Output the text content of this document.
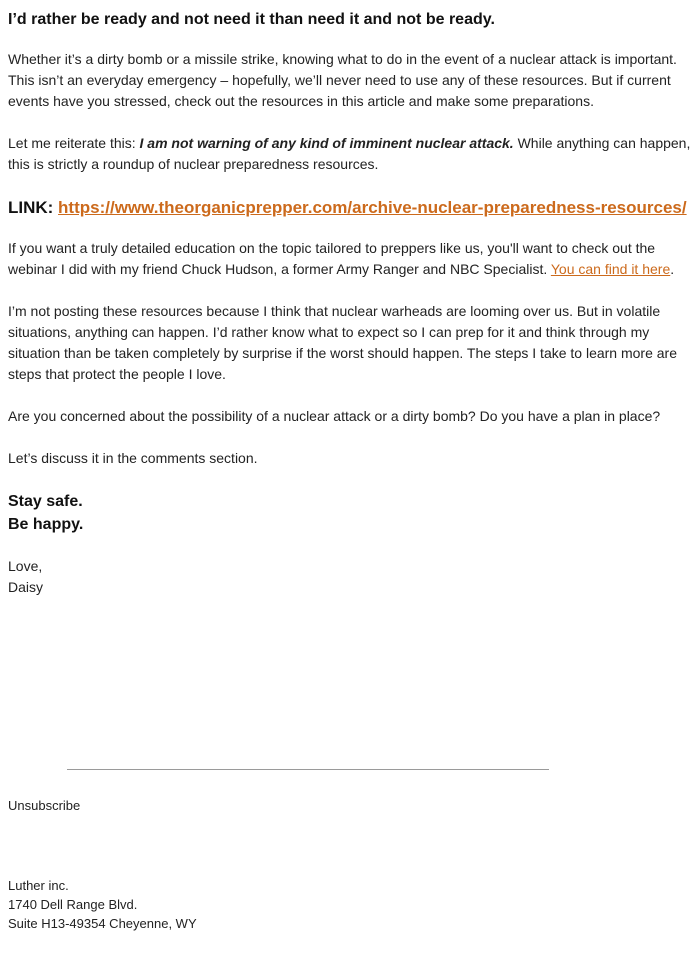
I’d rather be ready and not need it than need it and not be ready.

Whether it’s a dirty bomb or a missile strike, knowing what to do in the event of a nuclear attack is important. This isn’t an everyday emergency – hopefully, we’ll never need to use any of these resources. But if current events have you stressed, check out the resources in this article and make some preparations.

Let me reiterate this: I am not warning of any kind of imminent nuclear attack. While anything can happen, this is strictly a roundup of nuclear preparedness resources.

LINK: https://www.theorganicprepper.com/archive-nuclear-preparedness-resources/

If you want a truly detailed education on the topic tailored to preppers like us, you'll want to check out the webinar I did with my friend Chuck Hudson, a former Army Ranger and NBC Specialist. You can find it here.

I’m not posting these resources because I think that nuclear warheads are looming over us. But in volatile situations, anything can happen. I’d rather know what to expect so I can prep for it and think through my situation than be taken completely by surprise if the worst should happen. The steps I take to learn more are steps that protect the people I love.

Are you concerned about the possibility of a nuclear attack or a dirty bomb? Do you have a plan in place?

Let’s discuss it in the comments section.

Stay safe.
Be happy.
Love,
Daisy
Unsubscribe
Luther inc.
1740 Dell Range Blvd.
Suite H13-49354 Cheyenne, WY
